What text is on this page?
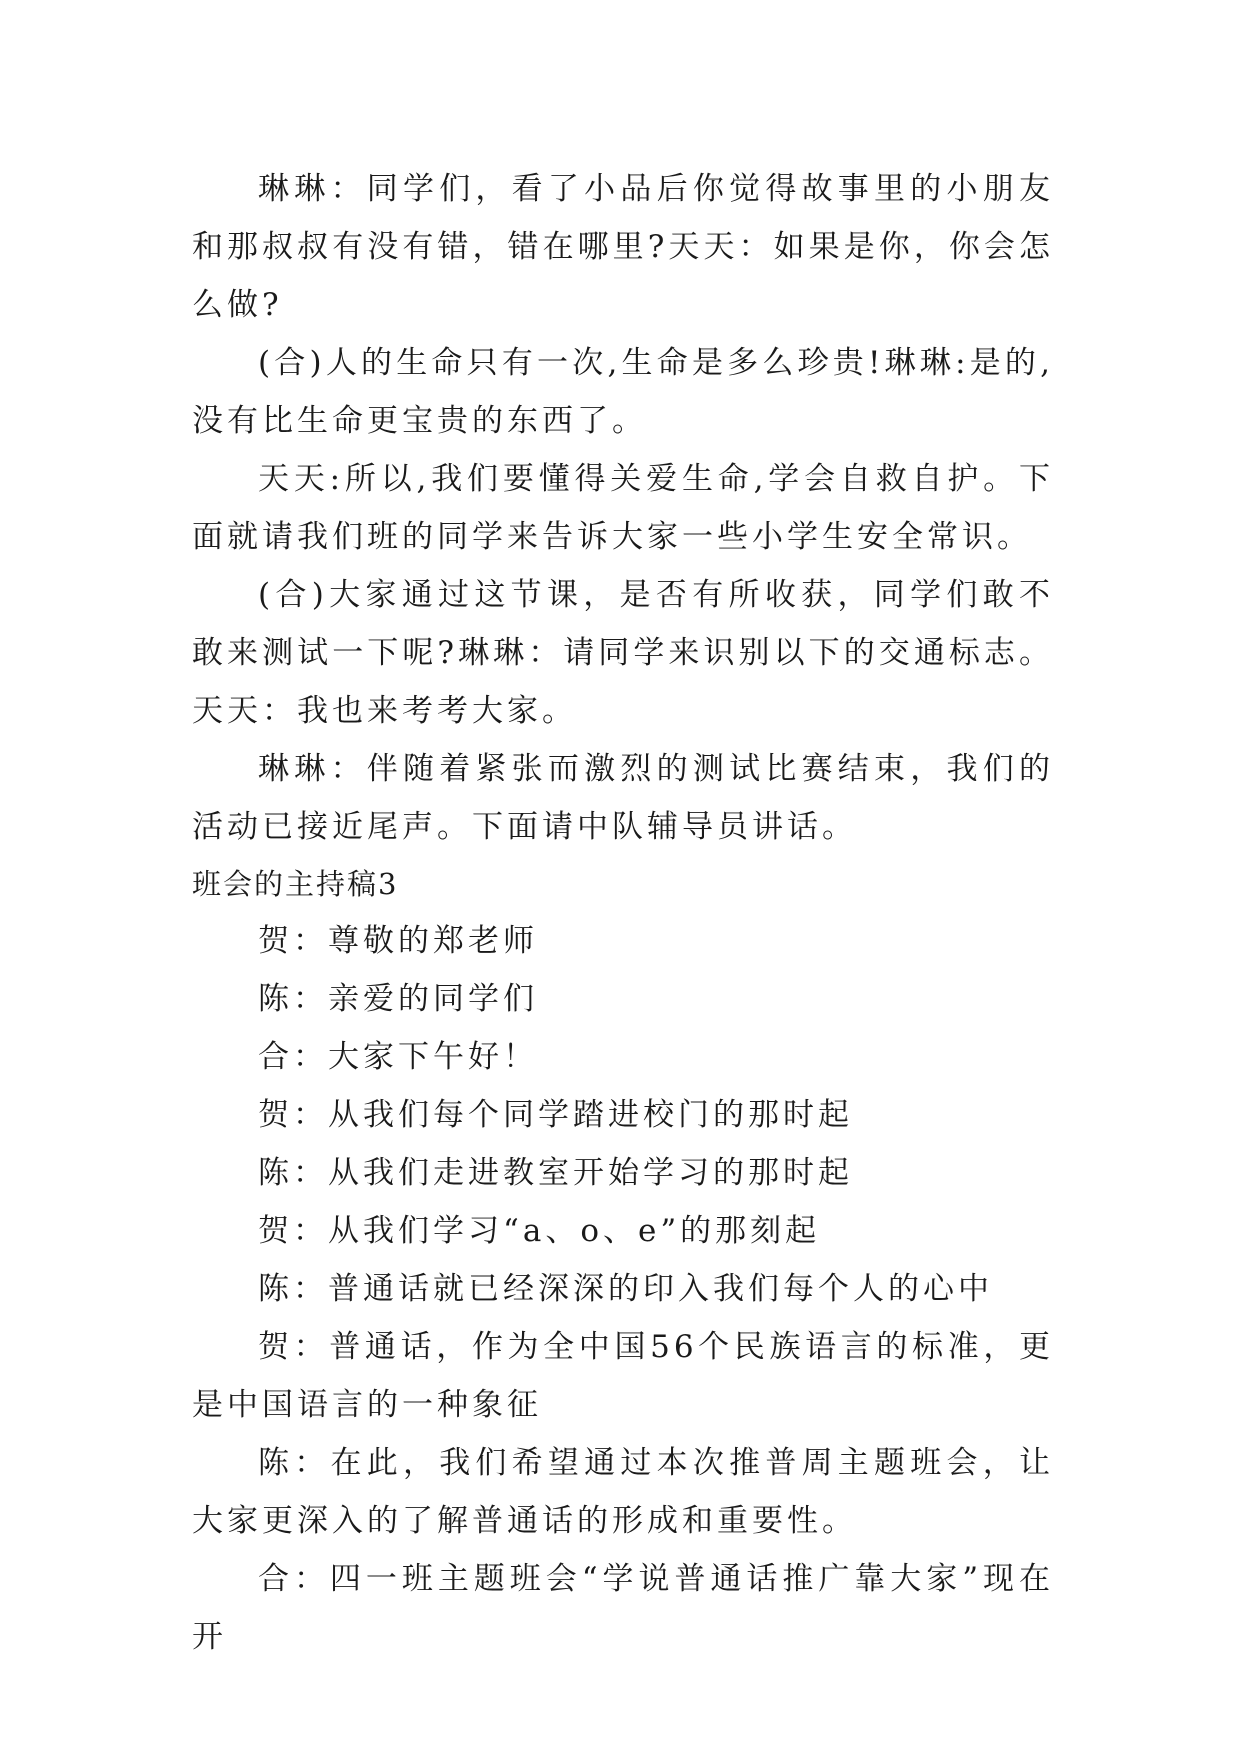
琳琳：同学们，看了小品后你觉得故事里的小朋友和那叔叔有没有错，错在哪里?天天：如果是你，你会怎么做?

(合)人的生命只有一次,生命是多么珍贵!琳琳:是的,没有比生命更宝贵的东西了。

天天:所以,我们要懂得关爱生命,学会自救自护。下面就请我们班的同学来告诉大家一些小学生安全常识。

(合)大家通过这节课，是否有所收获，同学们敢不敢来测试一下呢?琳琳：请同学来识别以下的交通标志。天天：我也来考考大家。

琳琳：伴随着紧张而激烈的测试比赛结束，我们的活动已接近尾声。下面请中队辅导员讲话。

班会的主持稿3

贺：尊敬的郑老师

陈：亲爱的同学们

合：大家下午好！

贺：从我们每个同学踏进校门的那时起

陈：从我们走进教室开始学习的那时起

贺：从我们学习“a、o、e”的那刻起

陈：普通话就已经深深的印入我们每个人的心中

贺：普通话，作为全中国56个民族语言的标准，更是中国语言的一种象征

陈：在此，我们希望通过本次推普周主题班会，让大家更深入的了解普通话的形成和重要性。

合：四一班主题班会“学说普通话推广靠大家”现在开
